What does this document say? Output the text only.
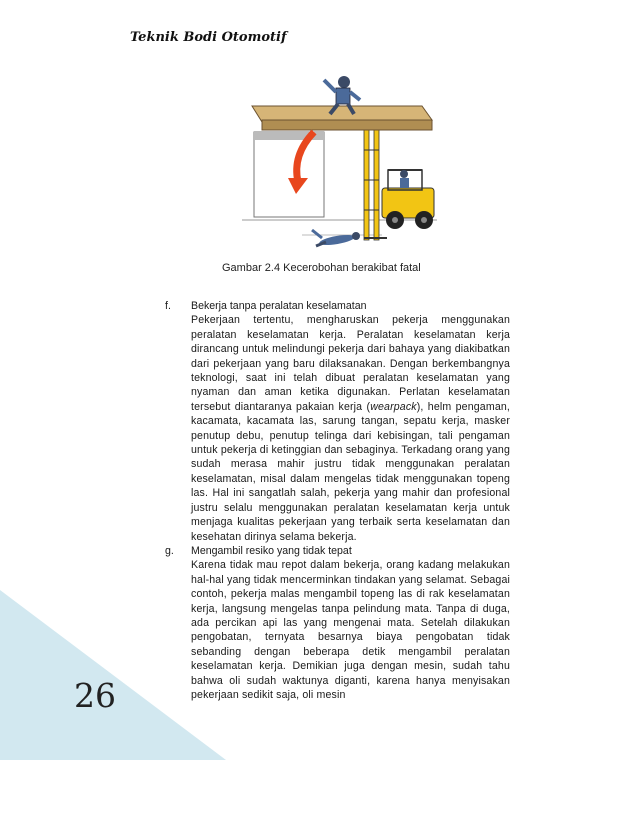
Teknik Bodi Otomotif
Gambar 2.4 Kecerobohan berakibat fatal
f. Bekerja tanpa peralatan keselamatan
Pekerjaan tertentu, mengharuskan pekerja menggunakan peralatan keselamatan kerja. Peralatan keselamatan kerja dirancang untuk melindungi pekerja dari bahaya yang diakibatkan dari pekerjaan yang baru dilaksanakan. Dengan berkembangnya teknologi, saat ini telah dibuat peralatan keselamatan yang nyaman dan aman ketika digunakan. Perlatan keselamatan tersebut diantaranya pakaian kerja (wearpack), helm pengaman, kacamata, kacamata las, sarung tangan, sepatu kerja, masker penutup debu, penutup telinga dari kebisingan, tali pengaman untuk pekerja di ketinggian dan sebaginya. Terkadang orang yang sudah merasa mahir justru tidak menggunakan peralatan keselamatan, misal dalam mengelas tidak menggunakan topeng las. Hal ini sangatlah salah, pekerja yang mahir dan profesional justru selalu menggunakan peralatan keselamatan kerja untuk menjaga kualitas pekerjaan yang terbaik serta keselamatan dan kesehatan dirinya selama bekerja.
g. Mengambil resiko yang tidak tepat
Karena tidak mau repot dalam bekerja, orang kadang melakukan hal-hal yang tidak mencerminkan tindakan yang selamat. Sebagai contoh, pekerja malas mengambil topeng las di rak keselamatan kerja, langsung mengelas tanpa pelindung mata. Tanpa di duga, ada percikan api las yang mengenai mata. Setelah dilakukan pengobatan, ternyata besarnya biaya pengobatan tidak sebanding dengan beberapa detik mengambil peralatan keselamatan kerja. Demikian juga dengan mesin, sudah tahu bahwa oli sudah waktunya diganti, karena hanya menyisakan pekerjaan sedikit saja, oli mesin
26
